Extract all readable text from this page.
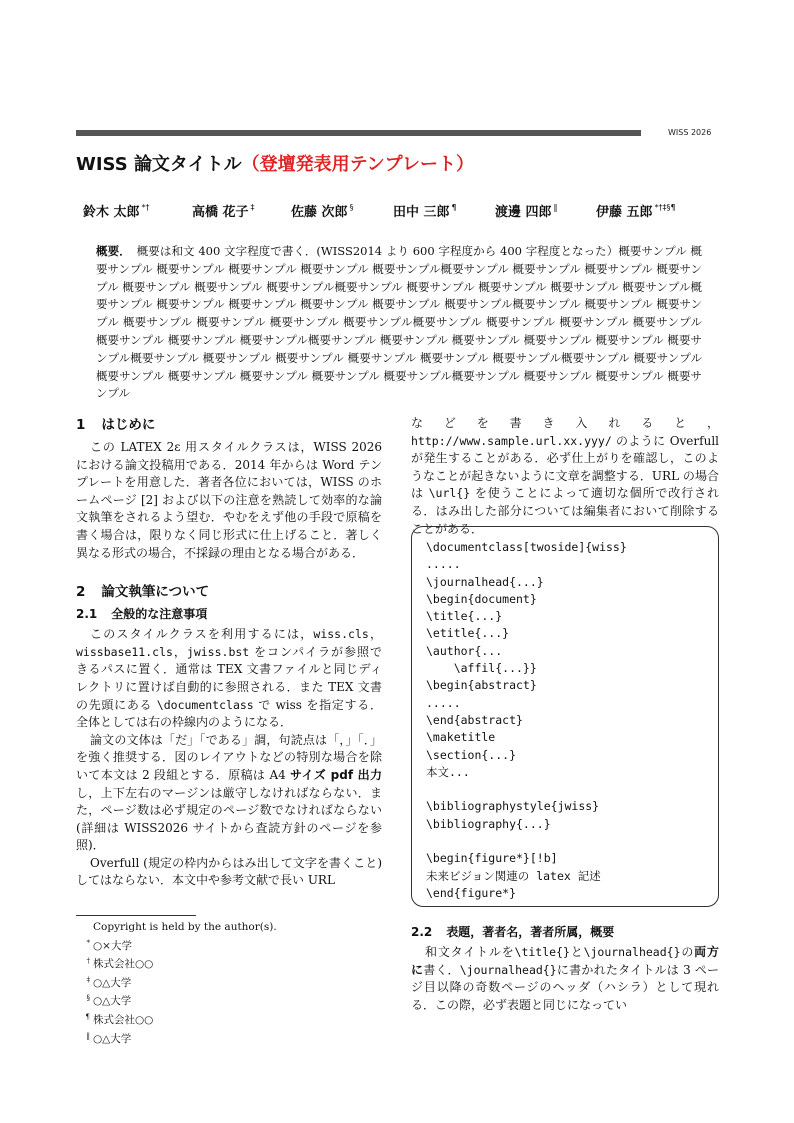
WISS 2026
WISS 論文タイトル（登壇発表用テンプレート）
鈴木 太郎 *†	高橋 花子 ‡	佐藤 次郎 §	田中 三郎 ¶	渡邊 四郎 ‖	伊藤 五郎 *†‡§¶
概要． 概要は和文 400 文字程度で書く．(WISS2014 より 600 字程度から 400 字程度となった）概要サンプル 概要サンプル 概要サンプル 概要サンプル 概要サンプル 概要サンプル概要サンプル 概要サンプル 概要サンプル 概要サンプル 概要サンプル 概要サンプル 概要サンプル概要サンプル 概要サンプル 概要サンプル 概要サンプル 概要サンプル概要サンプル 概要サンプル 概要サンプル 概要サンプル 概要サンプル 概要サンプル概要サンプル 概要サンプル 概要サンプル 概要サンプル 概要サンプル 概要サンプル 概要サンプル概要サンプル 概要サンプル 概要サンプル 概要サンプル 概要サンプル 概要サンプル 概要サンプル概要サンプル 概要サンプル 概要サンプル 概要サンプル 概要サンプル 概要サンプル概要サンプル 概要サンプル 概要サンプル 概要サンプル 概要サンプル 概要サンプル概要サンプル 概要サンプル 概要サンプル 概要サンプル 概要サンプル 概要サンプル 概要サンプル概要サンプル 概要サンプル 概要サンプル 概要サンプル
1 はじめに

この LATEX 2ε 用スタイルクラスは，WISS 2026 における論文投稿用である．2014 年からは Word テンプレートを用意した．著者各位においては，WISS のホームページ [2] および以下の注意を熟読して効率的な論文執筆をされるよう望む．やむをえず他の手段で原稿を書く場合は，限りなく同じ形式に仕上げること．著しく異なる形式の場合，不採録の理由となる場合がある．

2 論文執筆について
2.1 全般的な注意事項

このスタイルクラスを利用するには，wiss.cls，wissbase11.cls，jwiss.bst をコンパイラが参照できるパスに置く．通常は TEX 文書ファイルと同じディレクトリに置けば自動的に参照される．また TEX 文書の先頭にある \documentclass で wiss を指定する．全体としては右の枠線内のようになる．

論文の文体は「だ」「である」調，句読点は「，」「．」を強く推奨する．図のレイアウトなどの特別な場合を除いて本文は 2 段組とする．原稿は A4 サイズ pdf 出力し，上下左右のマージンは厳守しなければならない．また，ページ数は必ず規定のページ数でなければならない (詳細は WISS2026 サイトから査読方針のページを参照)．

Overfull (規定の枠内からはみ出して文字を書くこと) してはならない．本文中や参考文献で長い URL

などを書き入れると，http://www.sample.url.xx.yyy/ のように Overfull が発生することがある．必ず仕上がりを確認し，このようなことが起きないように文章を調整する．URL の場合は \url{} を使うことによって適切な個所で改行される．はみ出した部分については編集者において削除することがある．

\documentclass[twoside]{wiss}
.....
\journalhead{...}
\begin{document}
\title{...}
\etitle{...}
\author{...
\affil{...}}
\begin{abstract}
.....
\end{abstract}
\maketitle
\section{...}
本文...

\bibliographystyle{jwiss}
\bibliography{...}

\begin{figure*}[!b]
未来ビジョン関連の latex 記述
\end{figure*}
2.2 表題，著者名，著者所属，概要

和文タイトルを\title{}と\journalhead{}の両方に書く．\journalhead{}に書かれたタイトルは 3 ページ目以降の奇数ページのヘッダ（ハシラ）として現れる．この際，必ず表題と同じになってい

Copyright is held by the author(s).
* ○×大学
† 株式会社○○
‡ ○△大学
§ ○△大学
¶ 株式会社○○
‖ ○△大学
